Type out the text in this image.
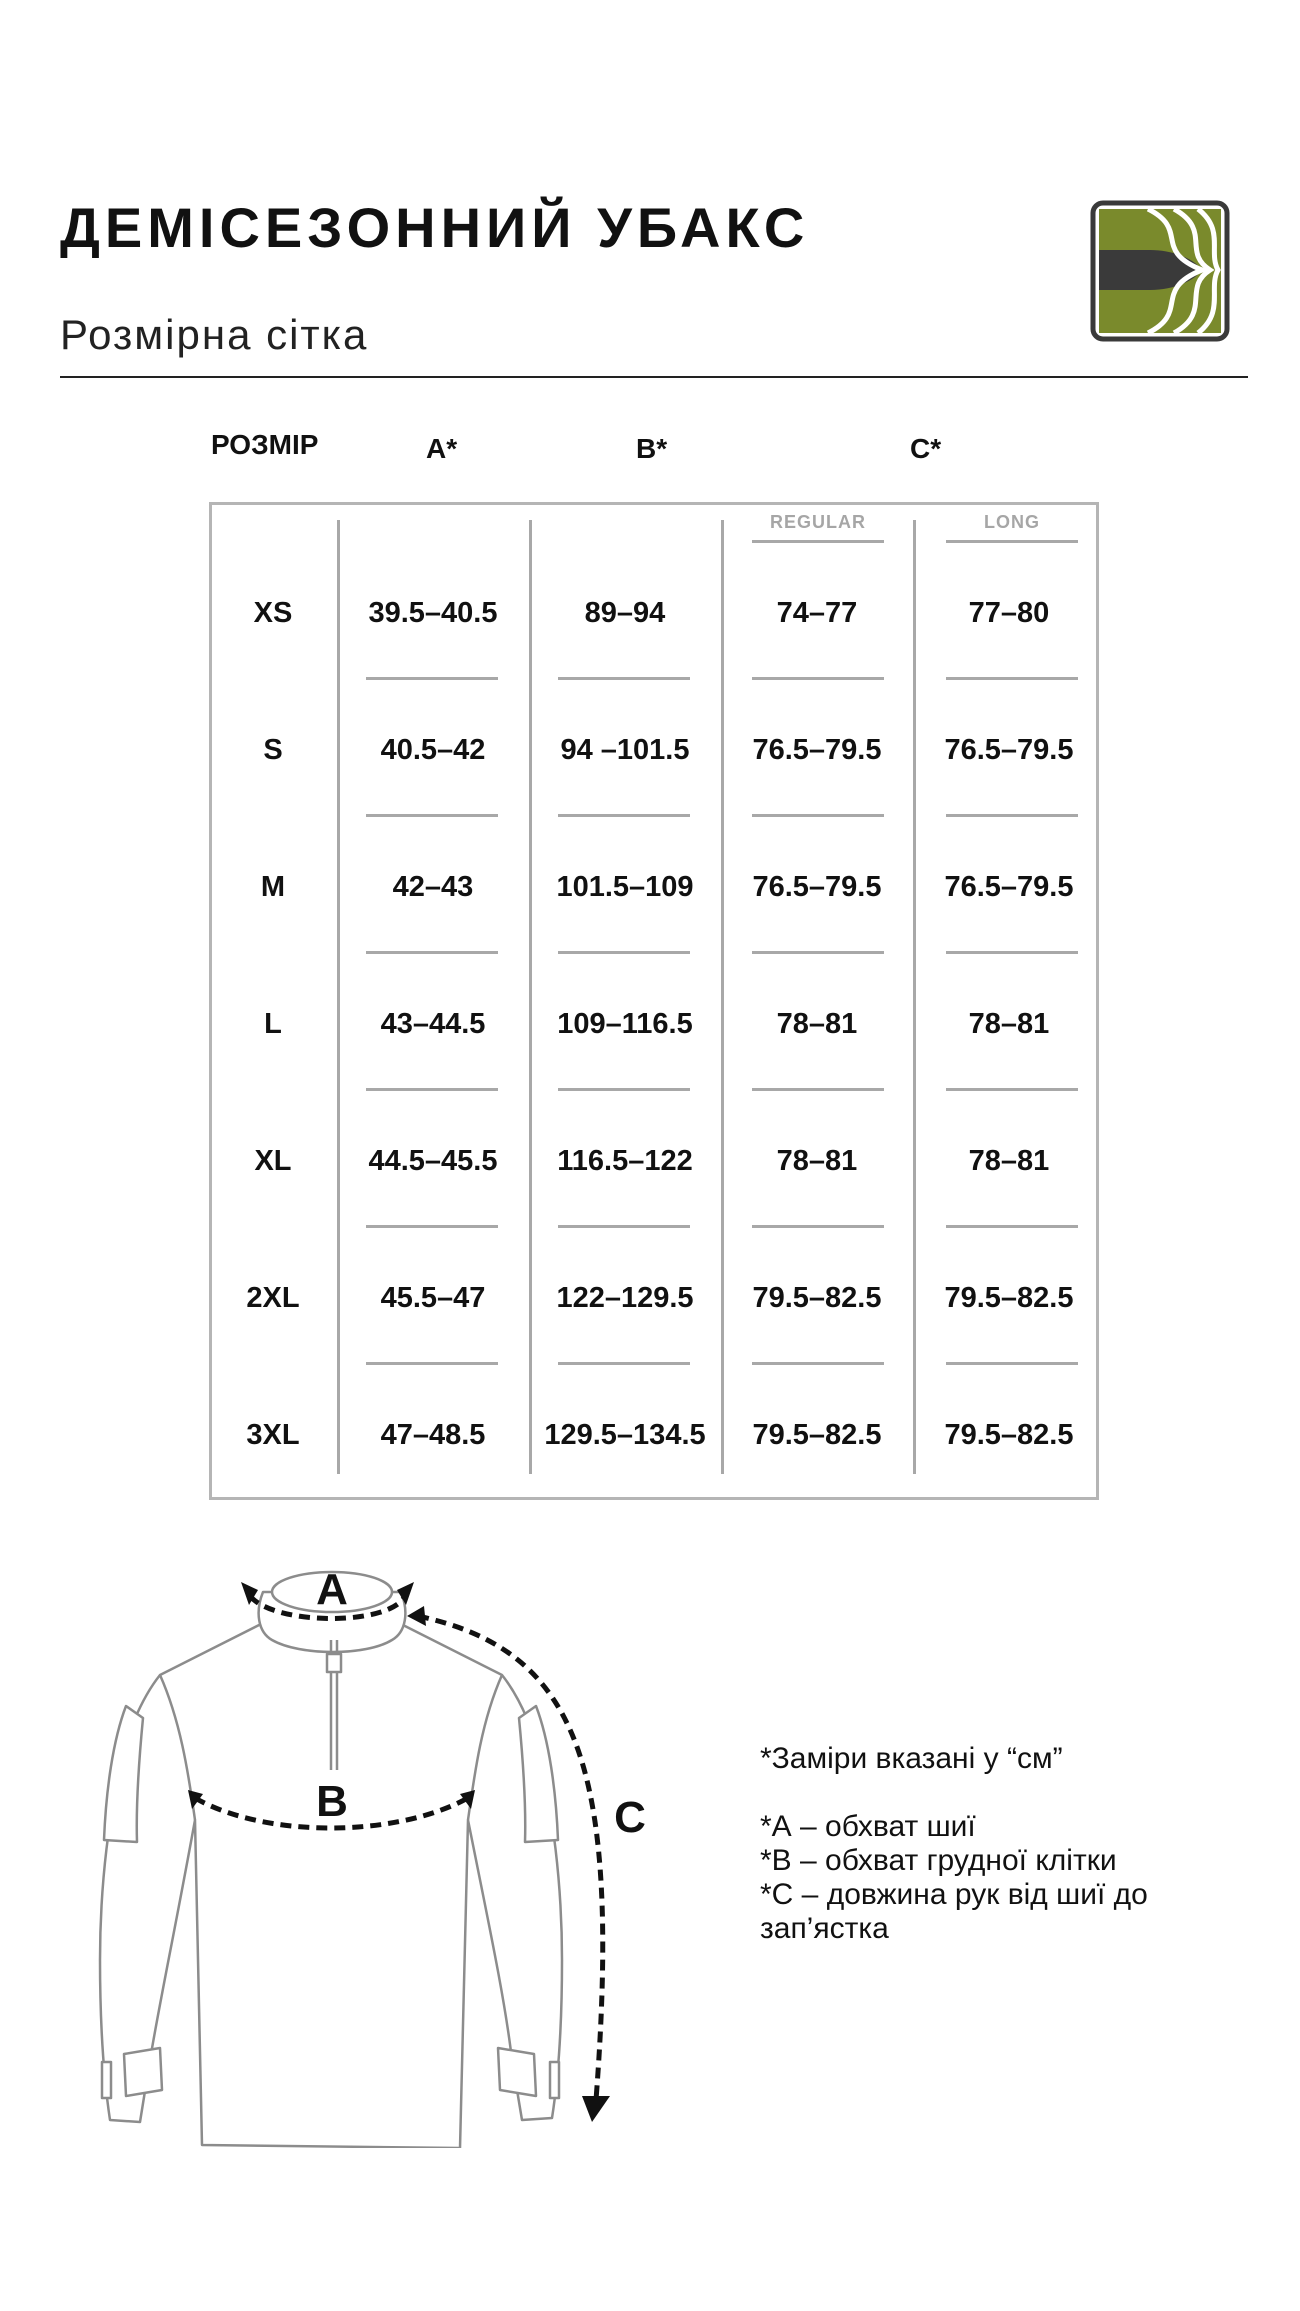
ДЕМІСЕЗОННИЙ УБАКС
Розмірна сітка
РОЗМІР	А*	В*	С*
REGULAR	LONG
XS	39.5–40.5	89–94	74–77	77–80
S	40.5–42	94 –101.5	76.5–79.5	76.5–79.5
M	42–43	101.5–109	76.5–79.5	76.5–79.5
L	43–44.5	109–116.5	78–81	78–81
XL	44.5–45.5	116.5–122	78–81	78–81
2XL	45.5–47	122–129.5	79.5–82.5	79.5–82.5
3XL	47–48.5	129.5–134.5	79.5–82.5	79.5–82.5
A
B	C

*Заміри вказані у “см”

*А – обхват шиї

*В – обхват грудної клітки

*С – довжина рук від шиї до зап’ястка
